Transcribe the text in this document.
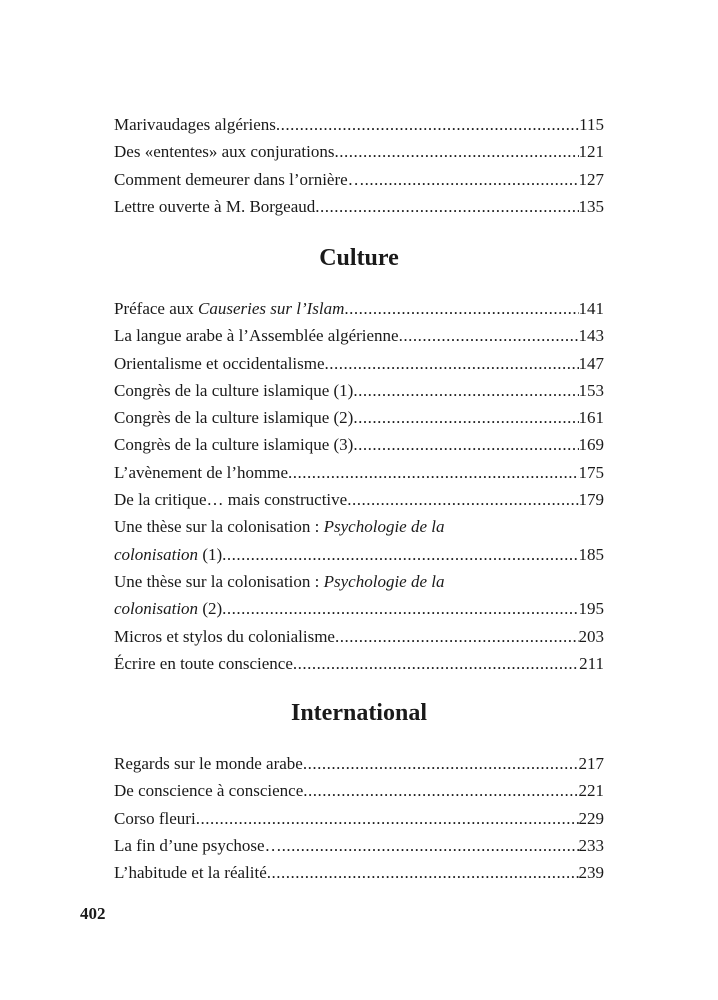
Marivaudages algériens .....	115
Des «ententes» aux conjurations .....	121
Comment demeurer dans l’ornière… .....	127
Lettre ouverte à M. Borgeaud .....	135
Culture
Préface aux Causeries sur l’Islam .....	141
La langue arabe à l’Assemblée algérienne .....	143
Orientalisme et occidentalisme .....	147
Congrès de la culture islamique (1) .....	153
Congrès de la culture islamique (2) .....	161
Congrès de la culture islamique (3) .....	169
L’avènement de l’homme .....	175
De la critique… mais constructive .....	179
Une thèse sur la colonisation : Psychologie de la
colonisation (1) .....	185
Une thèse sur la colonisation : Psychologie de la
colonisation (2) .....	195
Micros et stylos du colonialisme .....	203
Écrire en toute conscience .....	211
International
Regards sur le monde arabe .....	217
De conscience à conscience .....	221
Corso fleuri .....	229
La fin d’une psychose… .....	233
L’habitude et la réalité .....	239
402
